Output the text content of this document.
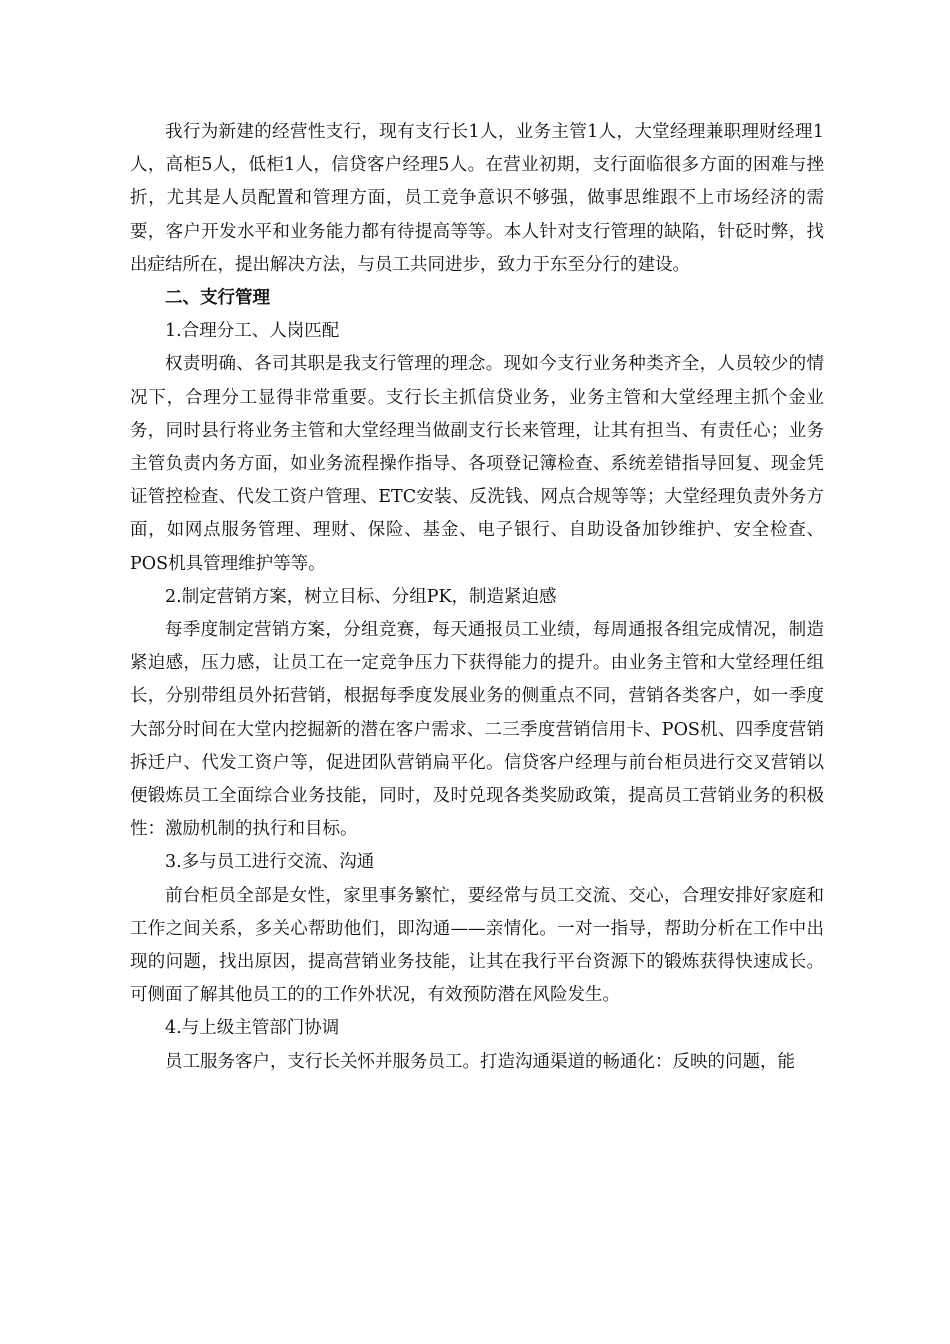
我行为新建的经营性支行，现有支行长1人，业务主管1人，大堂经理兼职理财经理1人，高柜5人，低柜1人，信贷客户经理5人。在营业初期，支行面临很多方面的困难与挫折，尤其是人员配置和管理方面，员工竞争意识不够强，做事思维跟不上市场经济的需要，客户开发水平和业务能力都有待提高等等。本人针对支行管理的缺陷，针砭时弊，找出症结所在，提出解决方法，与员工共同进步，致力于东至分行的建设。

二、支行管理

1.合理分工、人岗匹配

权责明确、各司其职是我支行管理的理念。现如今支行业务种类齐全，人员较少的情况下，合理分工显得非常重要。支行长主抓信贷业务，业务主管和大堂经理主抓个金业务，同时县行将业务主管和大堂经理当做副支行长来管理，让其有担当、有责任心；业务主管负责内务方面，如业务流程操作指导、各项登记簿检查、系统差错指导回复、现金凭证管控检查、代发工资户管理、ETC安装、反洗钱、网点合规等等；大堂经理负责外务方面，如网点服务管理、理财、保险、基金、电子银行、自助设备加钞维护、安全检查、POS机具管理维护等等。

2.制定营销方案，树立目标、分组PK，制造紧迫感

每季度制定营销方案，分组竞赛，每天通报员工业绩，每周通报各组完成情况，制造紧迫感，压力感，让员工在一定竞争压力下获得能力的提升。由业务主管和大堂经理任组长，分别带组员外拓营销，根据每季度发展业务的侧重点不同，营销各类客户，如一季度大部分时间在大堂内挖掘新的潜在客户需求、二三季度营销信用卡、POS机、四季度营销拆迁户、代发工资户等，促进团队营销扁平化。信贷客户经理与前台柜员进行交叉营销以便锻炼员工全面综合业务技能，同时，及时兑现各类奖励政策，提高员工营销业务的积极性：激励机制的执行和目标。

3.多与员工进行交流、沟通

前台柜员全部是女性，家里事务繁忙，要经常与员工交流、交心，合理安排好家庭和工作之间关系，多关心帮助他们，即沟通——亲情化。一对一指导，帮助分析在工作中出现的问题，找出原因，提高营销业务技能，让其在我行平台资源下的锻炼获得快速成长。可侧面了解其他员工的的工作外状况，有效预防潜在风险发生。

4.与上级主管部门协调

员工服务客户，支行长关怀并服务员工。打造沟通渠道的畅通化：反映的问题，能
